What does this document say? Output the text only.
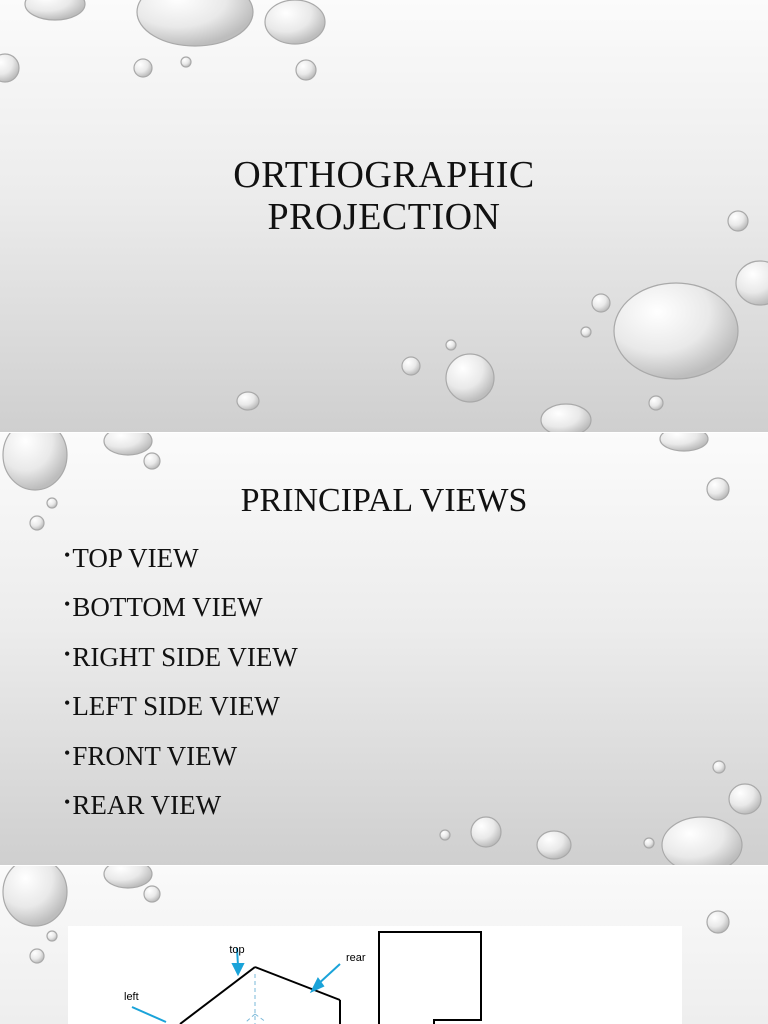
ORTHOGRAPHIC
PROJECTION
PRINCIPAL VIEWS
•TOP VIEW
•BOTTOM VIEW
•RIGHT SIDE VIEW
•LEFT SIDE VIEW
•FRONT VIEW
•REAR VIEW
top
rear
left
